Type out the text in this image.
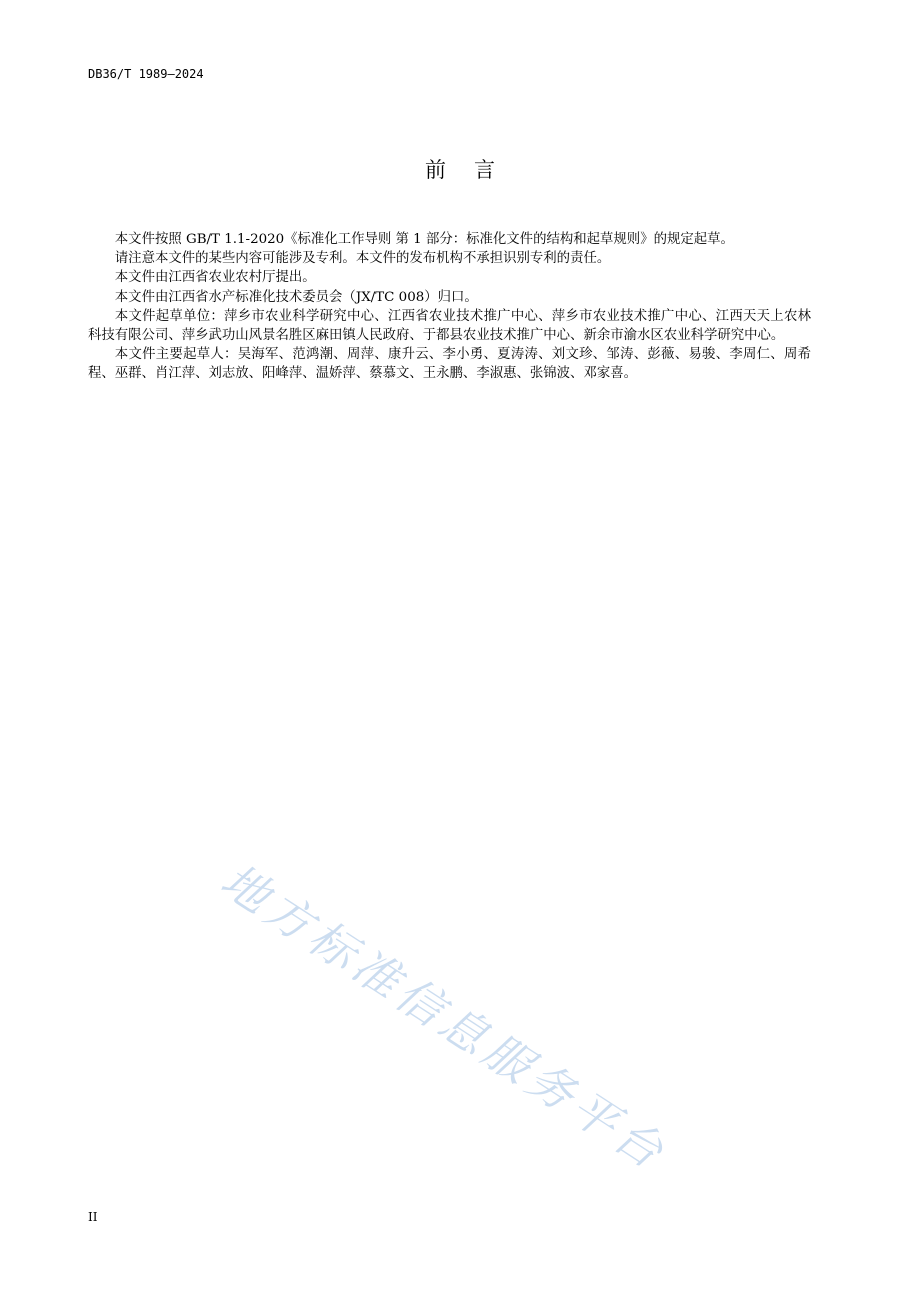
DB36/T 1989—2024
前 言

本文件按照 GB/T 1.1-2020《标准化工作导则 第 1 部分：标准化文件的结构和起草规则》的规定起草。

请注意本文件的某些内容可能涉及专利。本文件的发布机构不承担识别专利的责任。

本文件由江西省农业农村厅提出。

本文件由江西省水产标准化技术委员会（JX/TC 008）归口。

本文件起草单位：萍乡市农业科学研究中心、江西省农业技术推广中心、萍乡市农业技术推广中心、江西天天上农林科技有限公司、萍乡武功山风景名胜区麻田镇人民政府、于都县农业技术推广中心、新余市渝水区农业科学研究中心。

本文件主要起草人：吴海军、范鸿潮、周萍、康升云、李小勇、夏涛涛、刘文珍、邹涛、彭薇、易骏、李周仁、周希程、巫群、肖江萍、刘志放、阳峰萍、温娇萍、蔡慕文、王永鹏、李淑惠、张锦波、邓家喜。

地方标准信息服务平台
II
